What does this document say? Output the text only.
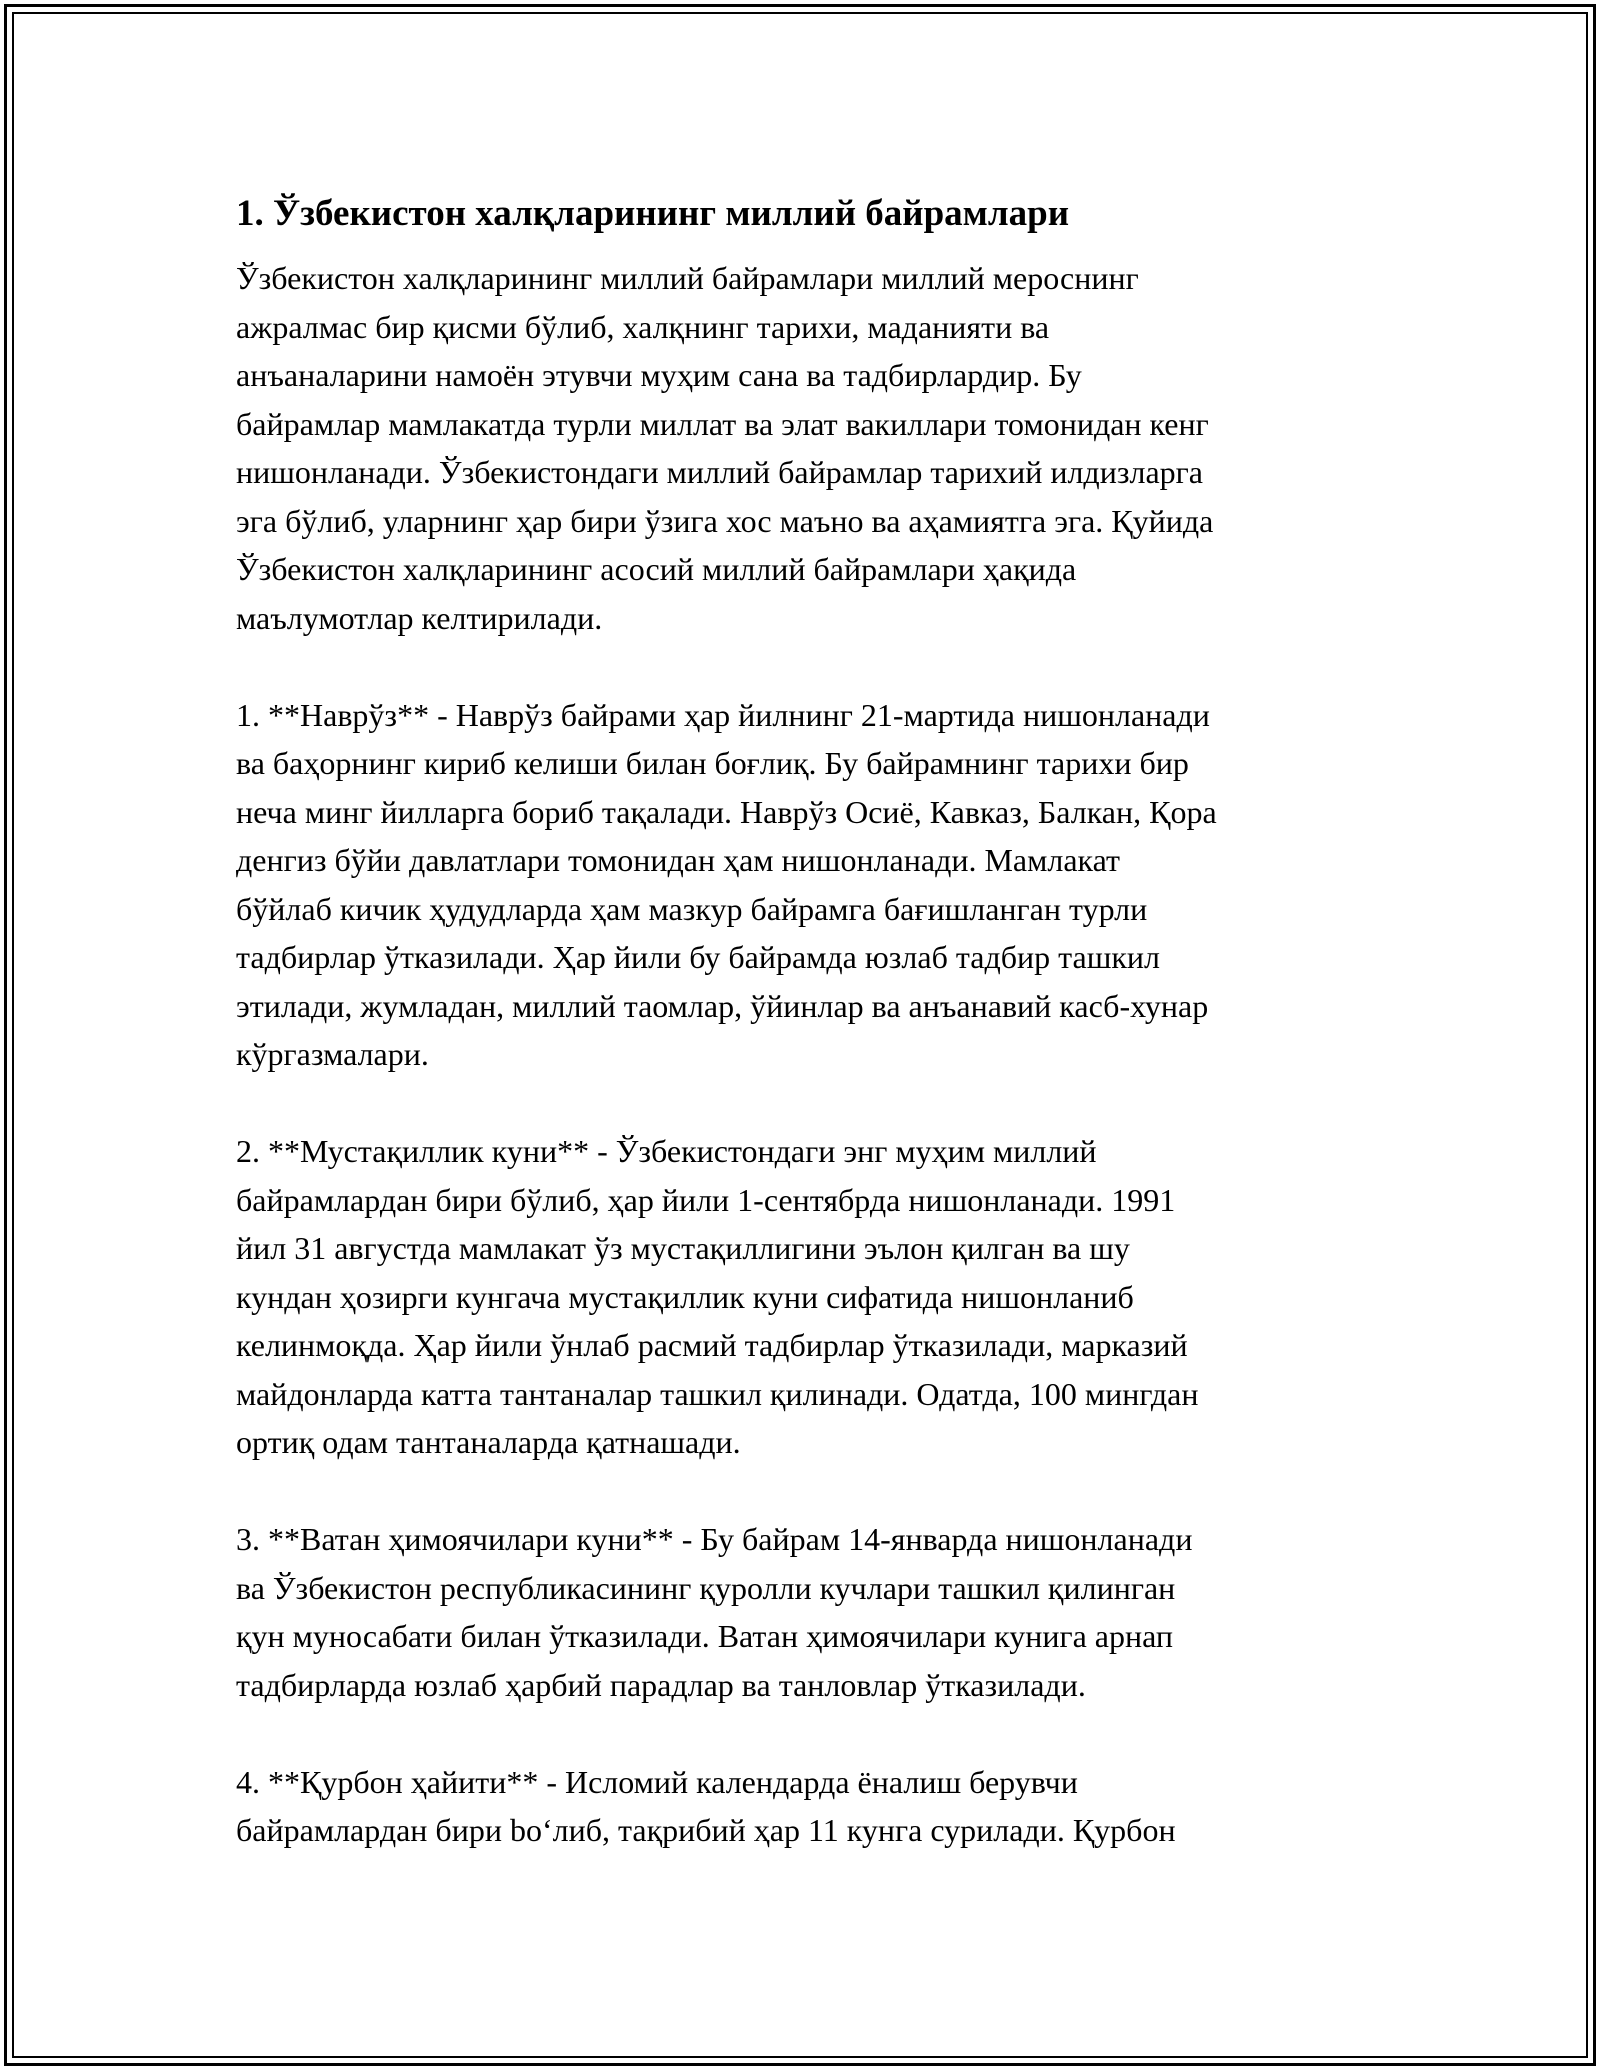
1. Ўзбекистон халқларининг миллий байрамлари
Ўзбекистон халқларининг миллий байрамлари миллий мероснинг
ажралмас бир қисми бўлиб, халқнинг тарихи, маданияти ва
анъаналарини намоён этувчи муҳим сана ва тадбирлардир. Бу
байрамлар мамлакатда турли миллат ва элат вакиллари томонидан кенг
нишонланади. Ўзбекистондаги миллий байрамлар тарихий илдизларга
эга бўлиб, уларнинг ҳар бири ўзига хос маъно ва аҳамиятга эга. Қуйида
Ўзбекистон халқларининг асосий миллий байрамлари ҳақида
маълумотлар келтирилади.
1. **Наврўз** - Наврўз байрами ҳар йилнинг 21-мартида нишонланади
ва баҳорнинг кириб келиши билан боғлиқ. Бу байрамнинг тарихи бир
неча минг йилларга бориб тақалади. Наврўз Осиё, Кавказ, Балкан, Қора
денгиз бўйи давлатлари томонидан ҳам нишонланади. Мамлакат
бўйлаб кичик ҳудудларда ҳам мазкур байрамга бағишланган турли
тадбирлар ўтказилади. Ҳар йили бу байрамда юзлаб тадбир ташкил
этилади, жумладан, миллий таомлар, ўйинлар ва анъанавий касб-хунар
кўргазмалари.
2. **Мустақиллик куни** - Ўзбекистондаги энг муҳим миллий
байрамлардан бири бўлиб, ҳар йили 1-сентябрда нишонланади. 1991
йил 31 августда мамлакат ўз мустақиллигини эълон қилган ва шу
кундан ҳозирги кунгача мустақиллик куни сифатида нишонланиб
келинмоқда. Ҳар йили ўнлаб расмий тадбирлар ўтказилади, марказий
майдонларда катта тантаналар ташкил қилинади. Одатда, 100 мингдан
ортиқ одам тантаналарда қатнашади.
3. **Ватан ҳимоячилари куни** - Бу байрам 14-январда нишонланади
ва Ўзбекистон республикасининг қуролли кучлари ташкил қилинган
қун муносабати билан ўтказилади. Ватан ҳимоячилари кунига арнап
тадбирларда юзлаб ҳарбий парадлар ва танловлар ўтказилади.
4. **Қурбон ҳайити** - Исломий календарда ёналиш берувчи
байрамлардан бири bo‘либ, тақрибий ҳар 11 кунга сурилади. Қурбон
